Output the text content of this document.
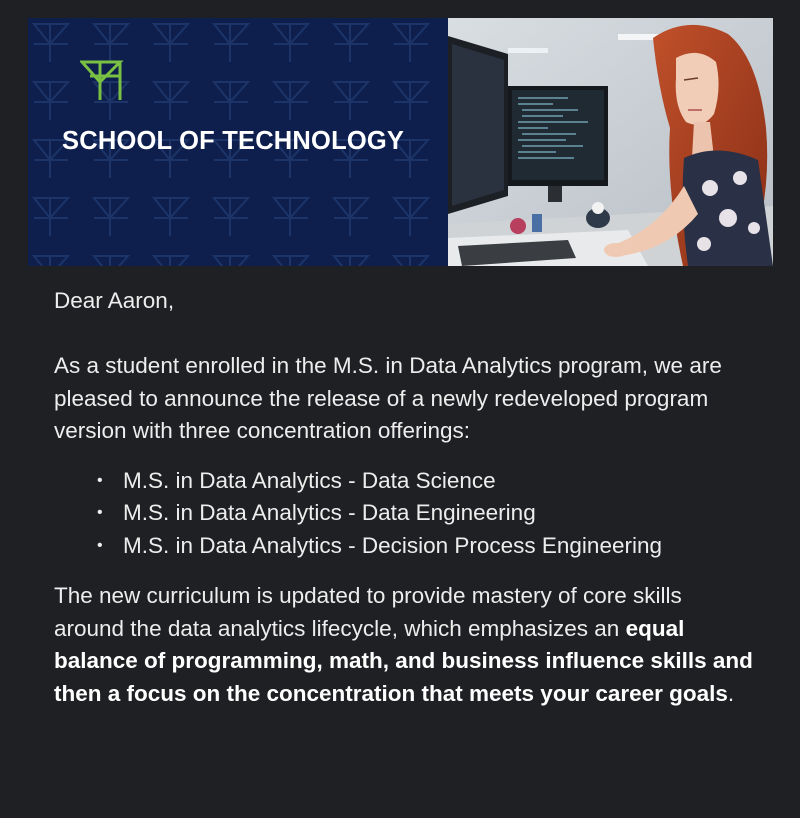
SCHOOL OF TECHNOLOGY

Dear Aaron,

As a student enrolled in the M.S. in Data Analytics program, we are pleased to announce the release of a newly redeveloped program version with three concentration offerings:

• M.S. in Data Analytics - Data Science
• M.S. in Data Analytics - Data Engineering
• M.S. in Data Analytics - Decision Process Engineering

The new curriculum is updated to provide mastery of core skills around the data analytics lifecycle, which emphasizes an equal balance of programming, math, and business influence skills and then a focus on the concentration that meets your career goals.
